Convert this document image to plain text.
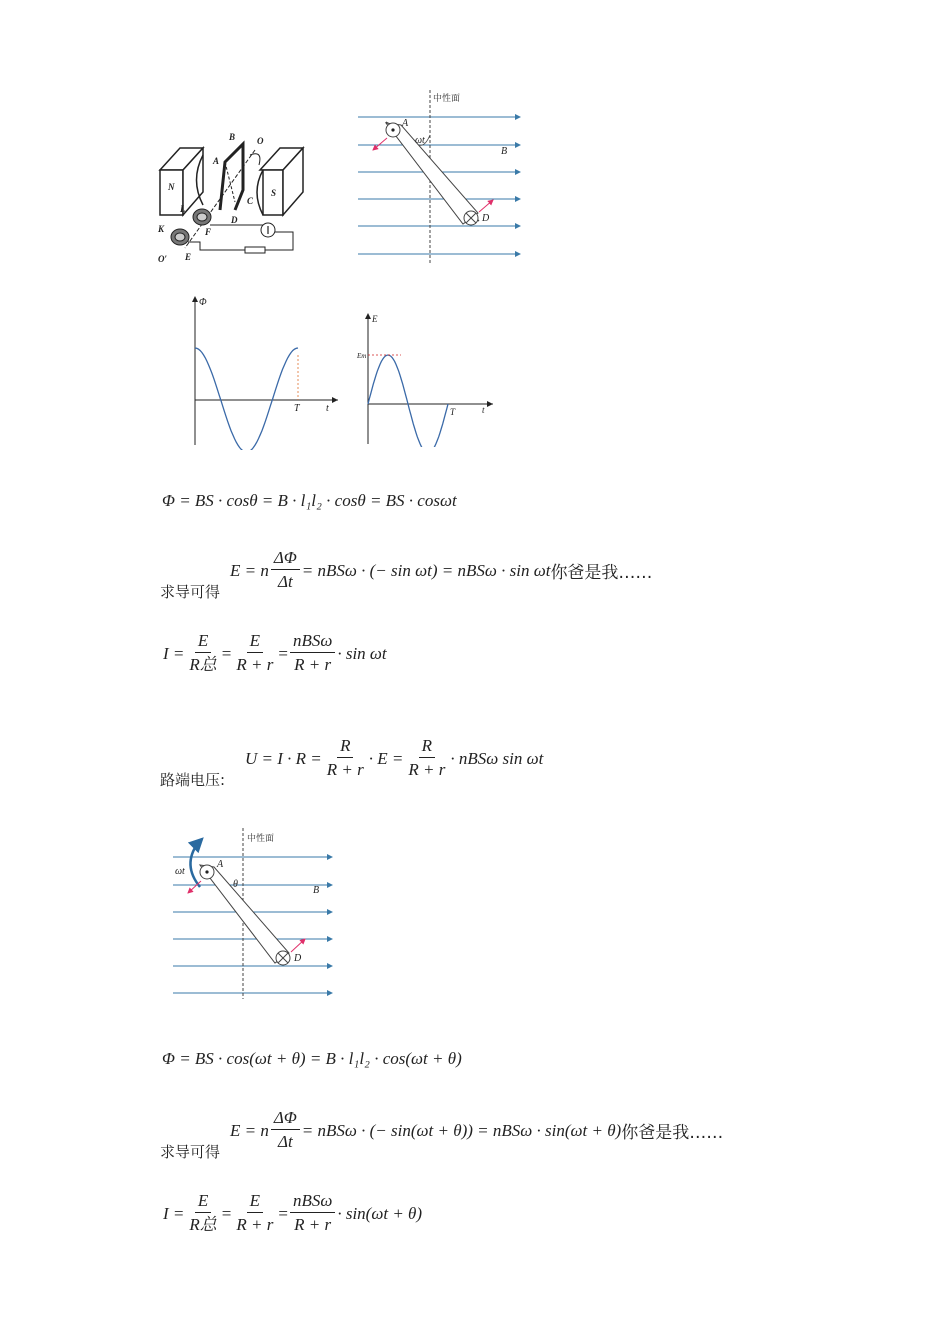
B O
A
N
S
C
L
D
K	F
O′ E
中性面
A
ωt
B
D
Φ
T	t
E
Em
T	t
Φ = BS · cosθ = B · l₁l₂ · cosθ = BS · cosωt
求导可得
E = n $\frac{\Delta\Phi}{\Delta t} = nBS\omega$ · (− sin ωt) = nBSω · sin ωt 你爸是我……
$I = \frac{E}{\text{R总}} = \frac{E}{R + r} = \frac{\text{nBSω}}{R + r} \cdot \sin \omega t$
路端电压:
$U = I \cdot R = \frac{R}{R + r} \cdot E = \frac{R}{R + r} \cdot nBS\omega$ sin ωt
中性面
A
ωt
θ
B
D
Φ = BS · cos(ωt + θ) = B · l₁l₂ · cos(ωt + θ)
求导可得
E = n $\frac{\Delta\Phi}{\Delta t} = nBS\omega$ · (− sin(ωt + θ)) = nBSω · sin(ωt + θ) 你爸是我……
$I = \frac{E}{\text{R总}} = \frac{E}{R + r} = \frac{\text{nBSω}}{R + r} \cdot \sin(\omega t + \theta)$
